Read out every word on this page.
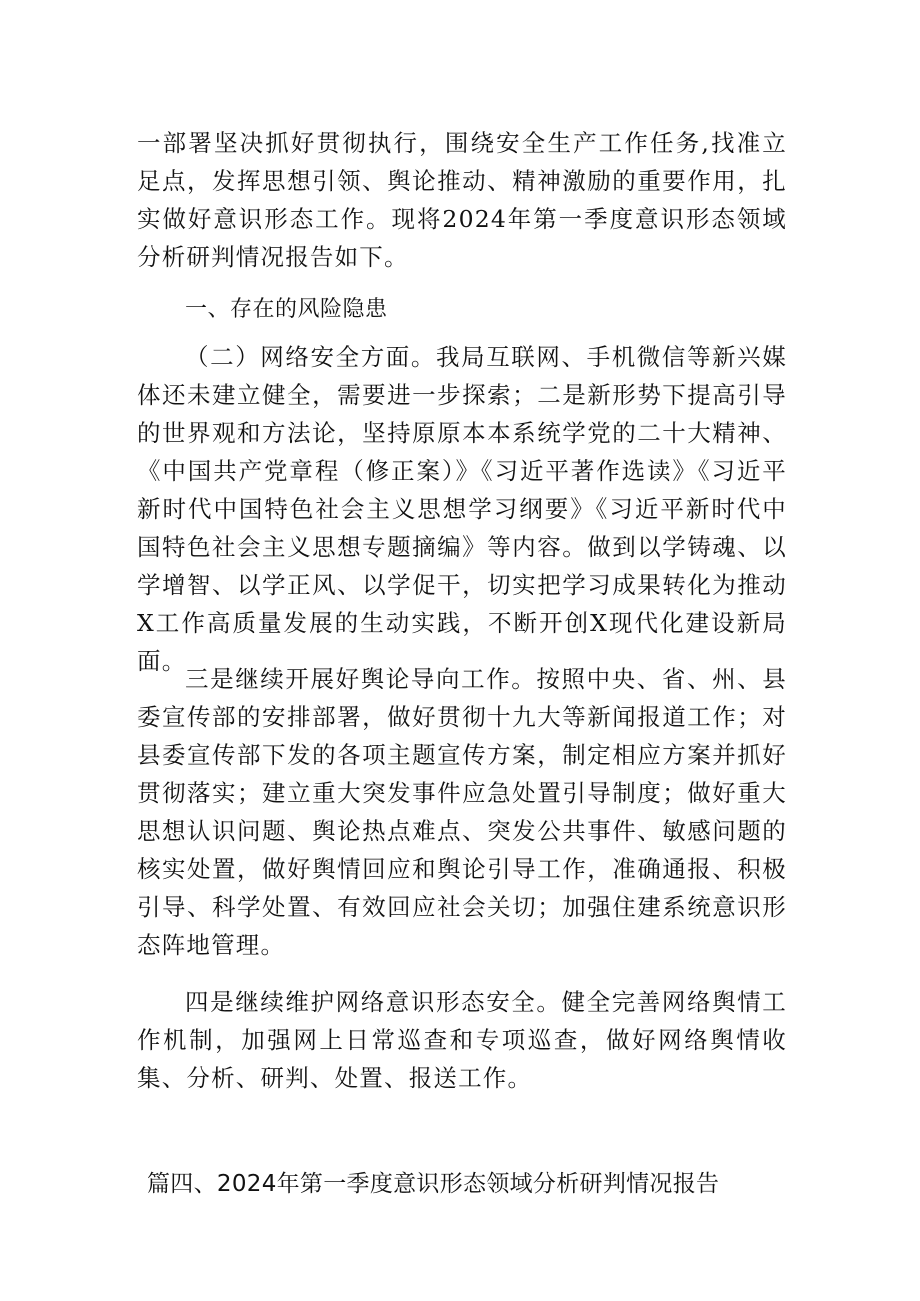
一部署坚决抓好贯彻执行，围绕安全生产工作任务,找准立足点，发挥思想引领、舆论推动、精神激励的重要作用，扎实做好意识形态工作。现将2024年第一季度意识形态领域分析研判情况报告如下。

一、存在的风险隐患

（二）网络安全方面。我局互联网、手机微信等新兴媒体还未建立健全，需要进一步探索；二是新形势下提高引导的世界观和方法论，坚持原原本本系统学党的二十大精神、《中国共产党章程（修正案）》《习近平著作选读》《习近平新时代中国特色社会主义思想学习纲要》《习近平新时代中国特色社会主义思想专题摘编》等内容。做到以学铸魂、以学增智、以学正风、以学促干，切实把学习成果转化为推动X工作高质量发展的生动实践，不断开创X现代化建设新局面。

三是继续开展好舆论导向工作。按照中央、省、州、县委宣传部的安排部署，做好贯彻十九大等新闻报道工作；对县委宣传部下发的各项主题宣传方案，制定相应方案并抓好贯彻落实；建立重大突发事件应急处置引导制度；做好重大思想认识问题、舆论热点难点、突发公共事件、敏感问题的核实处置，做好舆情回应和舆论引导工作，准确通报、积极引导、科学处置、有效回应社会关切；加强住建系统意识形态阵地管理。

四是继续维护网络意识形态安全。健全完善网络舆情工作机制，加强网上日常巡查和专项巡查，做好网络舆情收集、分析、研判、处置、报送工作。

篇四、2024年第一季度意识形态领域分析研判情况报告
